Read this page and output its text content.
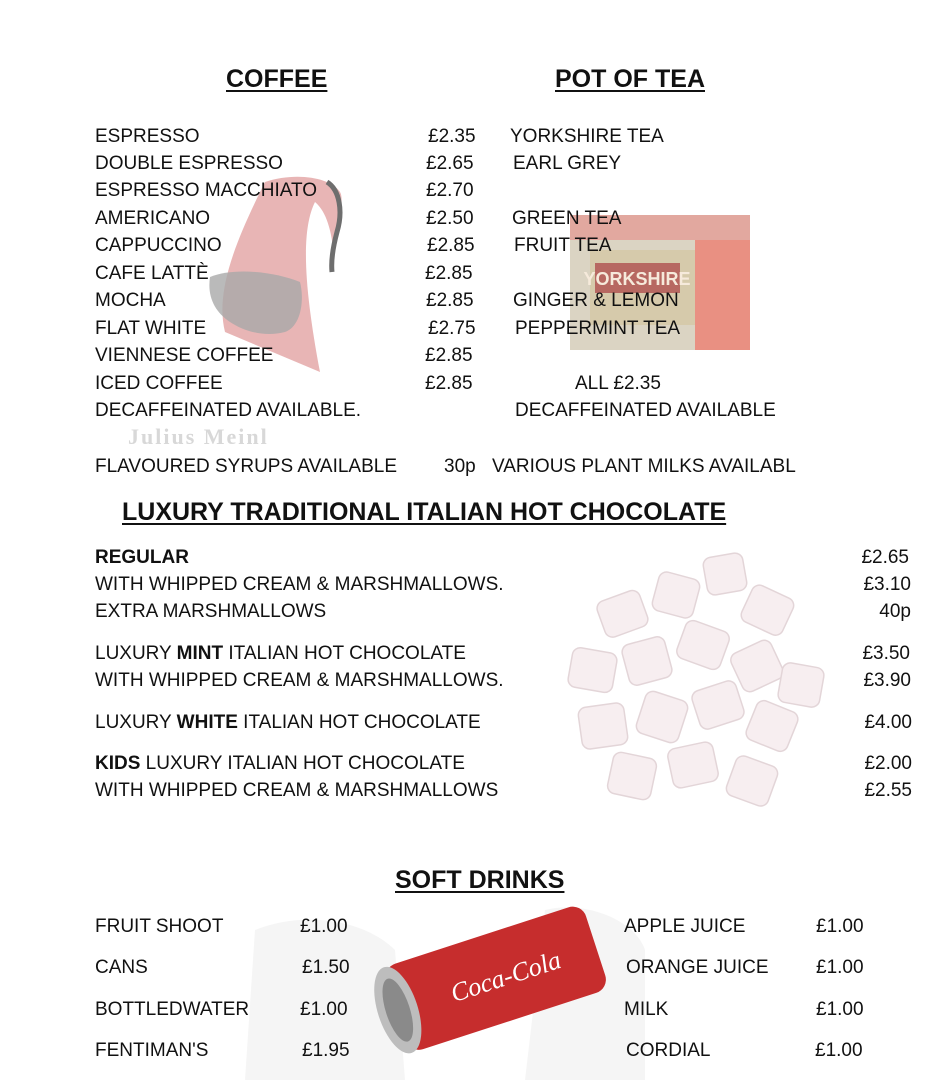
Julius Meinl
YORKSHIRE
Coca-Cola
COFFEE	POT OF TEA
ESPRESSO	£2.35
DOUBLE ESPRESSO	£2.65
ESPRESSO MACCHIATO	£2.70
AMERICANO	£2.50
CAPPUCCINO	£2.85
CAFE LATTÈ	£2.85
MOCHA	£2.85
FLAT WHITE	£2.75
VIENNESE COFFEE	£2.85
ICED COFFEE	£2.85
DECAFFEINATED AVAILABLE.
FLAVOURED SYRUPS AVAILABLE 30p
YORKSHIRE TEA
EARL GREY
GREEN TEA
FRUIT TEA
GINGER & LEMON
PEPPERMINT TEA
ALL £2.35
DECAFFEINATED AVAILABLE
VARIOUS PLANT MILKS AVAILABL
LUXURY TRADITIONAL ITALIAN HOT CHOCOLATE
REGULAR	£2.65
WITH WHIPPED CREAM & MARSHMALLOWS.	£3.10
EXTRA MARSHMALLOWS	40p
LUXURY MINT ITALIAN HOT CHOCOLATE	£3.50
WITH WHIPPED CREAM & MARSHMALLOWS.	£3.90
LUXURY WHITE ITALIAN HOT CHOCOLATE	£4.00
KIDS LUXURY ITALIAN HOT CHOCOLATE	£2.00
WITH WHIPPED CREAM & MARSHMALLOWS	£2.55
SOFT DRINKS
FRUIT SHOOT	£1.00
CANS	£1.50
BOTTLEDWATER	£1.00
FENTIMAN'S	£1.95
APPLE JUICE	£1.00
ORANGE JUICE £1.00
MILK	£1.00
CORDIAL	£1.00
